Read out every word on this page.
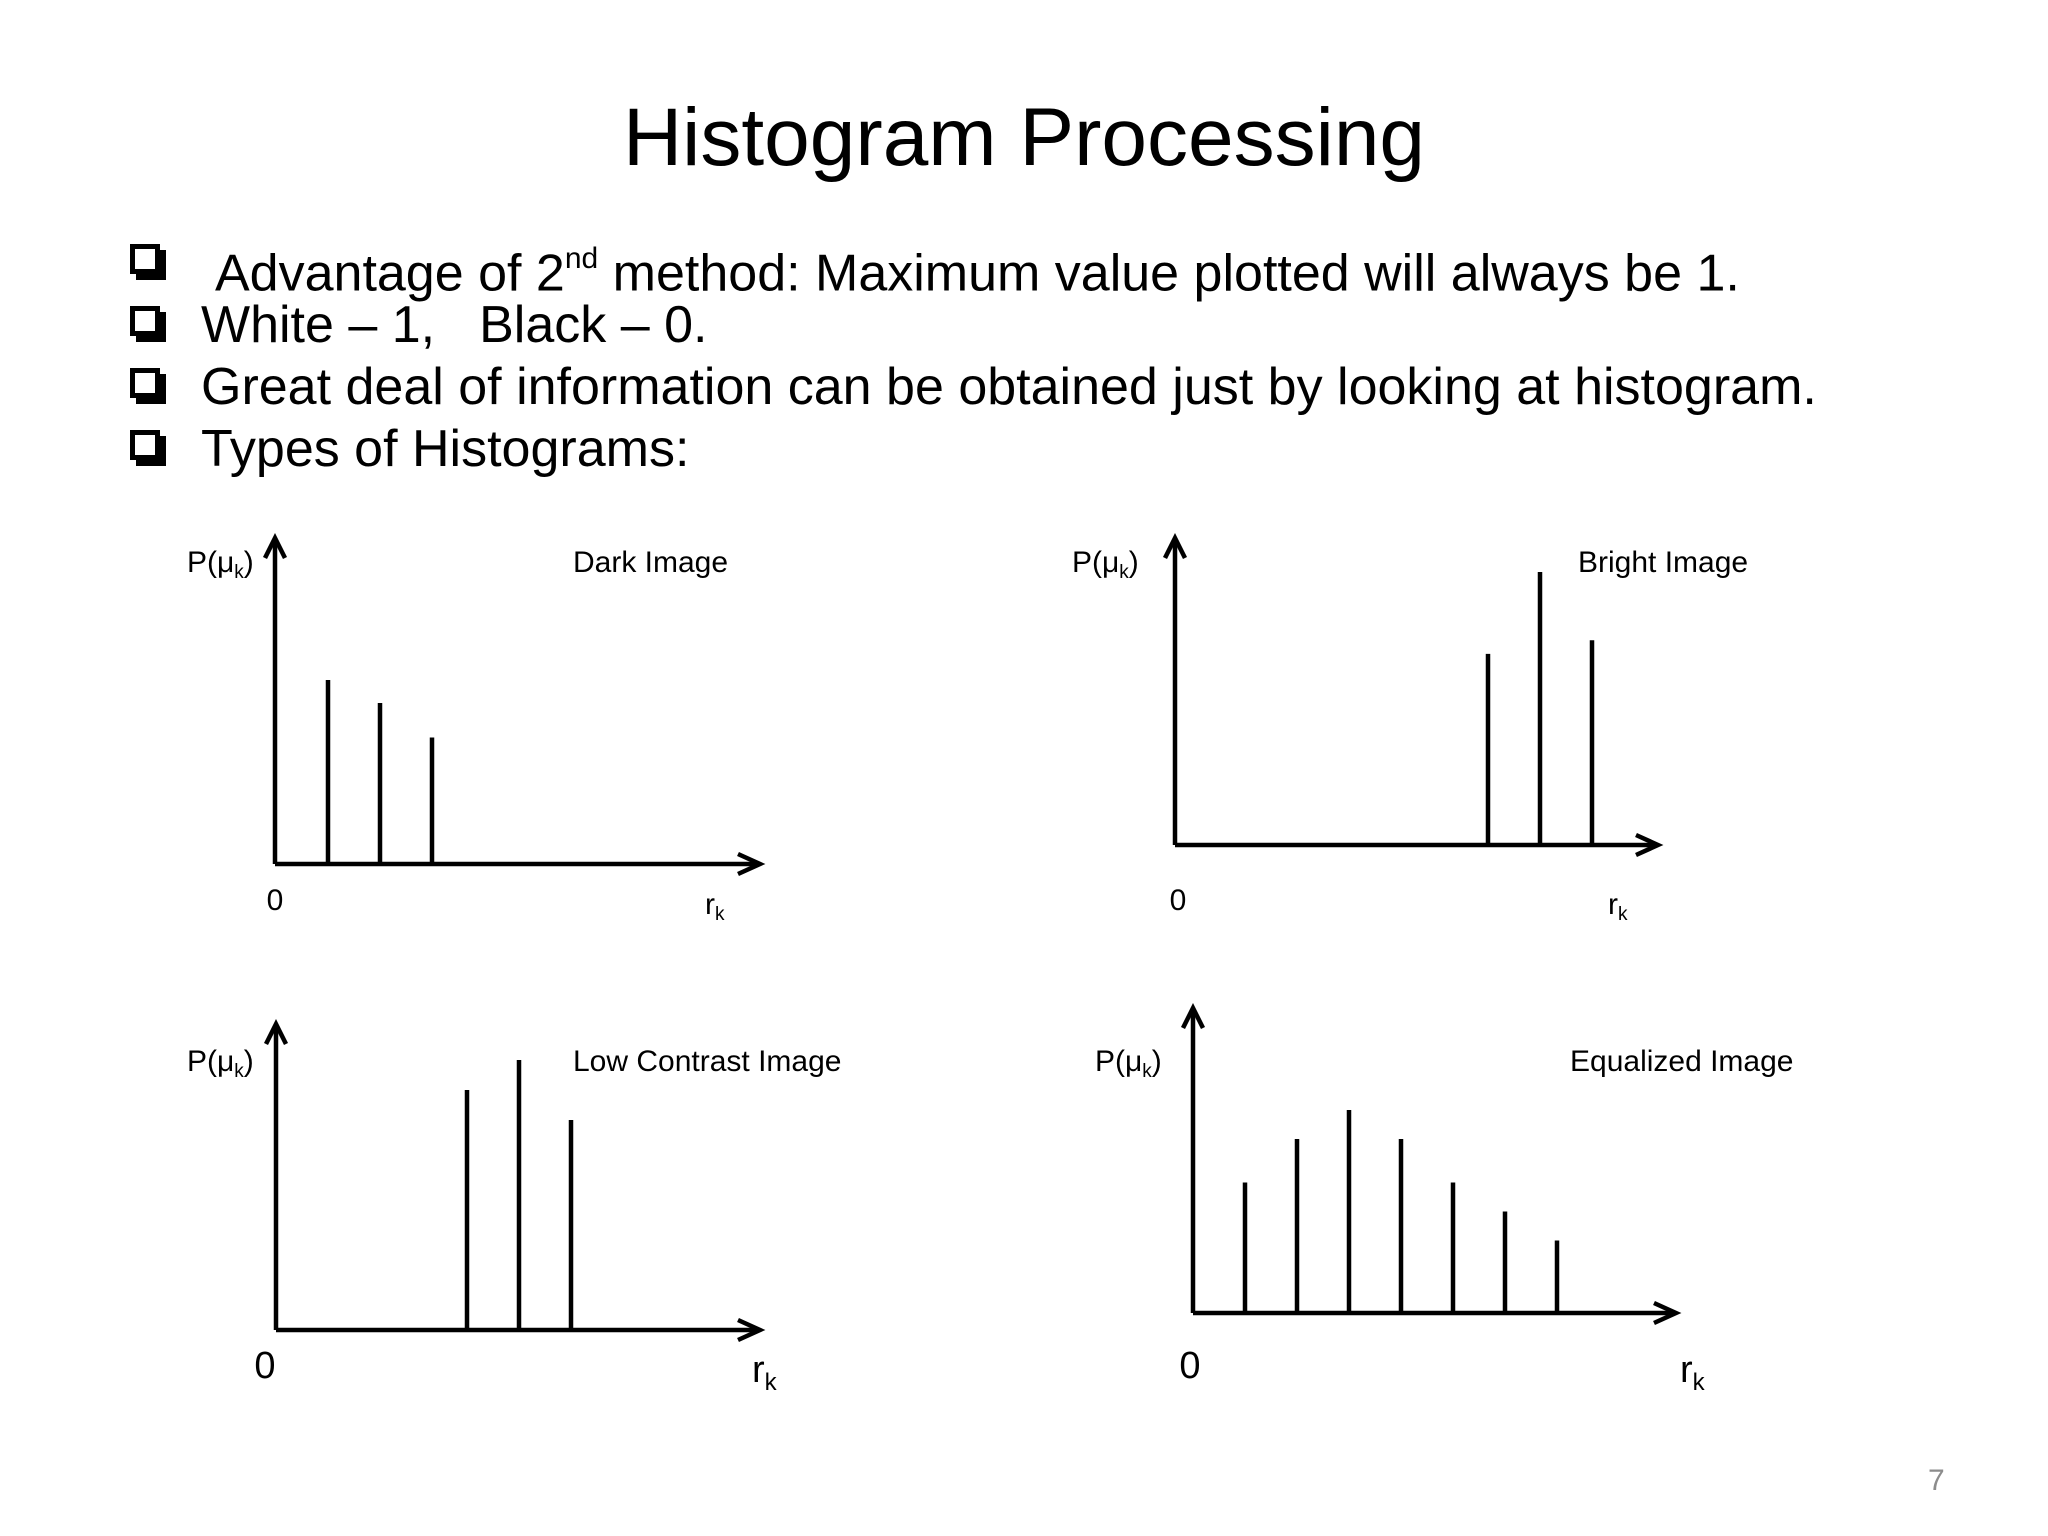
Histogram Processing
Advantage of 2nd method: Maximum value plotted will always be 1.
White – 1, Black – 0.
Great deal of information can be obtained just by looking at histogram.
Types of Histograms:
Dark Image
$P(\mu_k)$
0	$r_k$
Bright Image
$P(\mu_k)$
0	$r_k$
Low Contrast Image
$P(\mu_k)$
0	$r_k$
Equalized Image
$P(\mu_k)$
0	$r_k$
7
